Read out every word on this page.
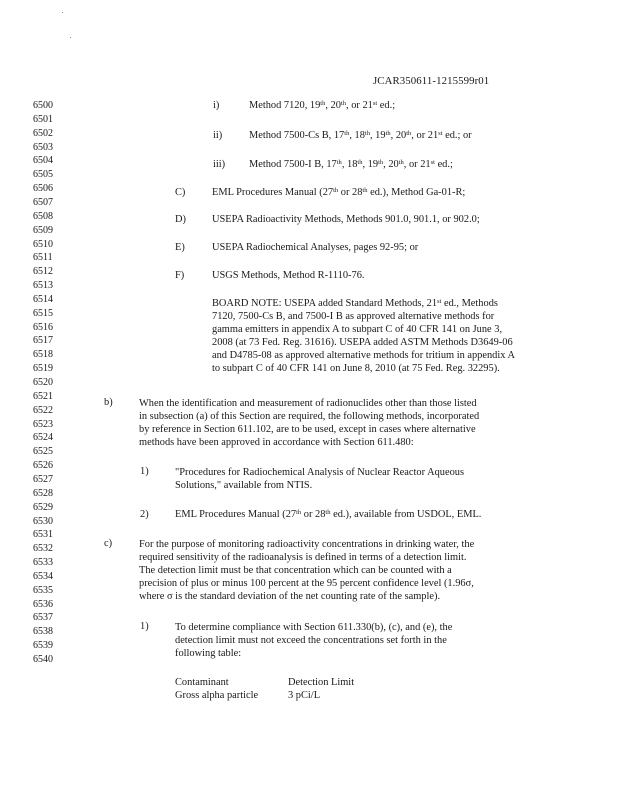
JCAR350611-1215599r01
6500
6501
6502
6503
6504
6505
6506
6507
6508
6509
6510
6511
6512
6513
6514
6515
6516
6517
6518
6519
6520
6521
6522
6523
6524
6525
6526
6527
6528
6529
6530
6531
6532
6533
6534
6535
6536
6537
6538
6539
6540
i)	Method 7120, 19th, 20th, or 21st ed.;
ii)	Method 7500-Cs B, 17th, 18th, 19th, 20th, or 21st ed.; or
iii) Method 7500-I B, 17th, 18th, 19th, 20th, or 21st ed.;
C)	EML Procedures Manual (27th or 28th ed.), Method Ga-01-R;
D)	USEPA Radioactivity Methods, Methods 901.0, 901.1, or 902.0;
E)	USEPA Radiochemical Analyses, pages 92-95; or
F)	USGS Methods, Method R-1110-76.
BOARD NOTE: USEPA added Standard Methods, 21st ed., Methods
7120, 7500-Cs B, and 7500-I B as approved alternative methods for
gamma emitters in appendix A to subpart C of 40 CFR 141 on June 3,
2008 (at 73 Fed. Reg. 31616). USEPA added ASTM Methods D3649-06
and D4785-08 as approved alternative methods for tritium in appendix A
to subpart C of 40 CFR 141 on June 8, 2010 (at 75 Fed. Reg. 32295).
b)	When the identification and measurement of radionuclides other than those listed
in subsection (a) of this Section are required, the following methods, incorporated
by reference in Section 611.102, are to be used, except in cases where alternative
methods have been approved in accordance with Section 611.480:
1)	"Procedures for Radiochemical Analysis of Nuclear Reactor Aqueous
Solutions," available from NTIS.
2)	EML Procedures Manual (27th or 28th ed.), available from USDOL, EML.
c)	For the purpose of monitoring radioactivity concentrations in drinking water, the
required sensitivity of the radioanalysis is defined in terms of a detection limit.
The detection limit must be that concentration which can be counted with a
precision of plus or minus 100 percent at the 95 percent confidence level (1.96σ,
where σ is the standard deviation of the net counting rate of the sample).
1)	To determine compliance with Section 611.330(b), (c), and (e), the
detection limit must not exceed the concentrations set forth in the
following table:
Contaminant	Detection Limit
Gross alpha particle	3 pCi/L
